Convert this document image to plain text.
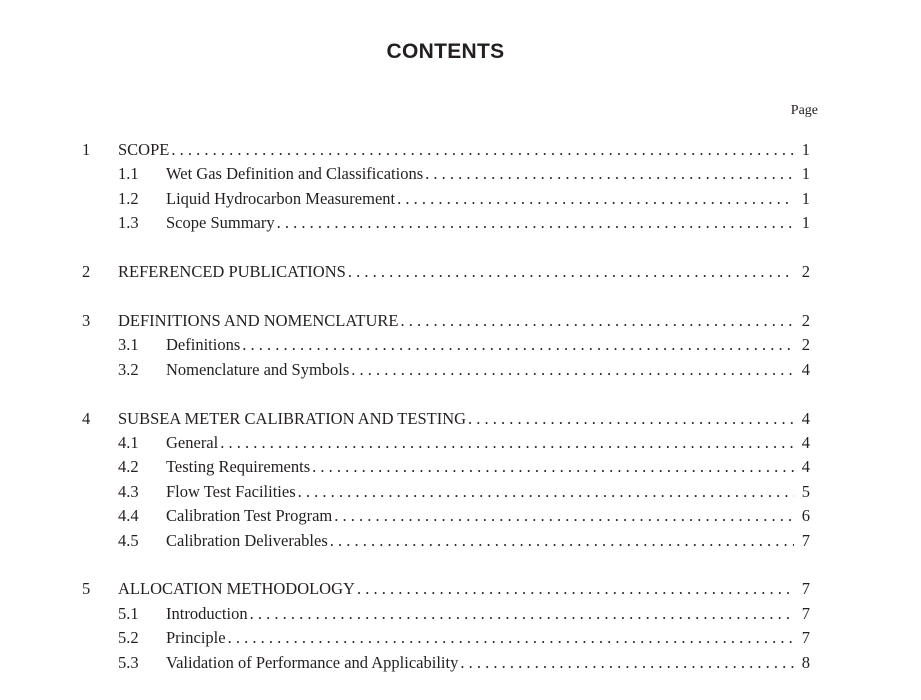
CONTENTS
Page
1	SCOPE . . .	1
1.1	Wet Gas Definition and Classifications . . .	1
1.2	Liquid Hydrocarbon Measurement . . .	1
1.3	Scope Summary . . .	1
2	REFERENCED PUBLICATIONS . . .	2
3	DEFINITIONS AND NOMENCLATURE . . .	2
3.1	Definitions . . .	2
3.2	Nomenclature and Symbols . . .	4
4	SUBSEA METER CALIBRATION AND TESTING . . .	4
4.1	General . . .	4
4.2	Testing Requirements . . .	4
4.3	Flow Test Facilities . . .	5
4.4	Calibration Test Program . . .	6
4.5	Calibration Deliverables . . .	7
5	ALLOCATION METHODOLOGY . . .	7
5.1	Introduction . . .	7
5.2	Principle . . .	7
5.3	Validation of Performance and Applicability . . .	8
